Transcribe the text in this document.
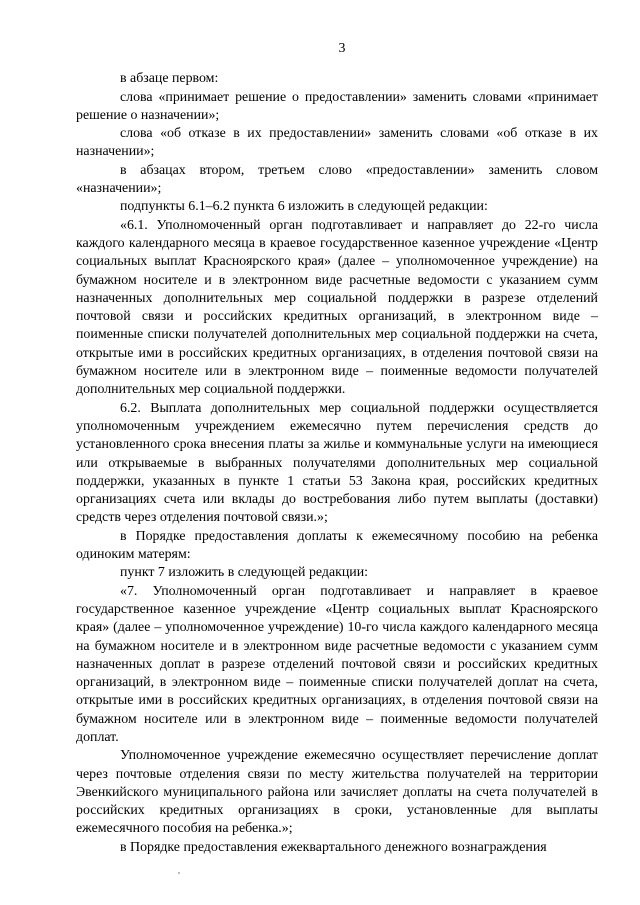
3

в абзаце первом:

слова «принимает решение о предоставлении» заменить словами «принимает решение о назначении»;

слова «об отказе в их предоставлении» заменить словами «об отказе в их назначении»;

в абзацах втором, третьем слово «предоставлении» заменить словом «назначении»;

подпункты 6.1–6.2 пункта 6 изложить в следующей редакции:

«6.1. Уполномоченный орган подготавливает и направляет до 22-го числа каждого календарного месяца в краевое государственное казенное учреждение «Центр социальных выплат Красноярского края» (далее – уполномоченное учреждение) на бумажном носителе и в электронном виде расчетные ведомости с указанием сумм назначенных дополнительных мер социальной поддержки в разрезе отделений почтовой связи и российских кредитных организаций, в электронном виде – поименные списки получателей дополнительных мер социальной поддержки на счета, открытые ими в российских кредитных организациях, в отделения почтовой связи на бумажном носителе или в электронном виде – поименные ведомости получателей дополнительных мер социальной поддержки.

6.2. Выплата дополнительных мер социальной поддержки осуществляется уполномоченным учреждением ежемесячно путем перечисления средств до установленного срока внесения платы за жилье и коммунальные услуги на имеющиеся или открываемые в выбранных получателями дополнительных мер социальной поддержки, указанных в пункте 1 статьи 53 Закона края, российских кредитных организациях счета или вклады до востребования либо путем выплаты (доставки) средств через отделения почтовой связи.»;

в Порядке предоставления доплаты к ежемесячному пособию на ребенка одиноким матерям:

пункт 7 изложить в следующей редакции:

«7. Уполномоченный орган подготавливает и направляет в краевое государственное казенное учреждение «Центр социальных выплат Красноярского края» (далее – уполномоченное учреждение) 10-го числа каждого календарного месяца на бумажном носителе и в электронном виде расчетные ведомости с указанием сумм назначенных доплат в разрезе отделений почтовой связи и российских кредитных организаций, в электронном виде – поименные списки получателей доплат на счета, открытые ими в российских кредитных организациях, в отделения почтовой связи на бумажном носителе или в электронном виде – поименные ведомости получателей доплат.

Уполномоченное учреждение ежемесячно осуществляет перечисление доплат через почтовые отделения связи по месту жительства получателей на территории Эвенкийского муниципального района или зачисляет доплаты на счета получателей в российских кредитных организациях в сроки, установленные для выплаты ежемесячного пособия на ребенка.»;

в Порядке предоставления ежеквартального денежного вознаграждения
